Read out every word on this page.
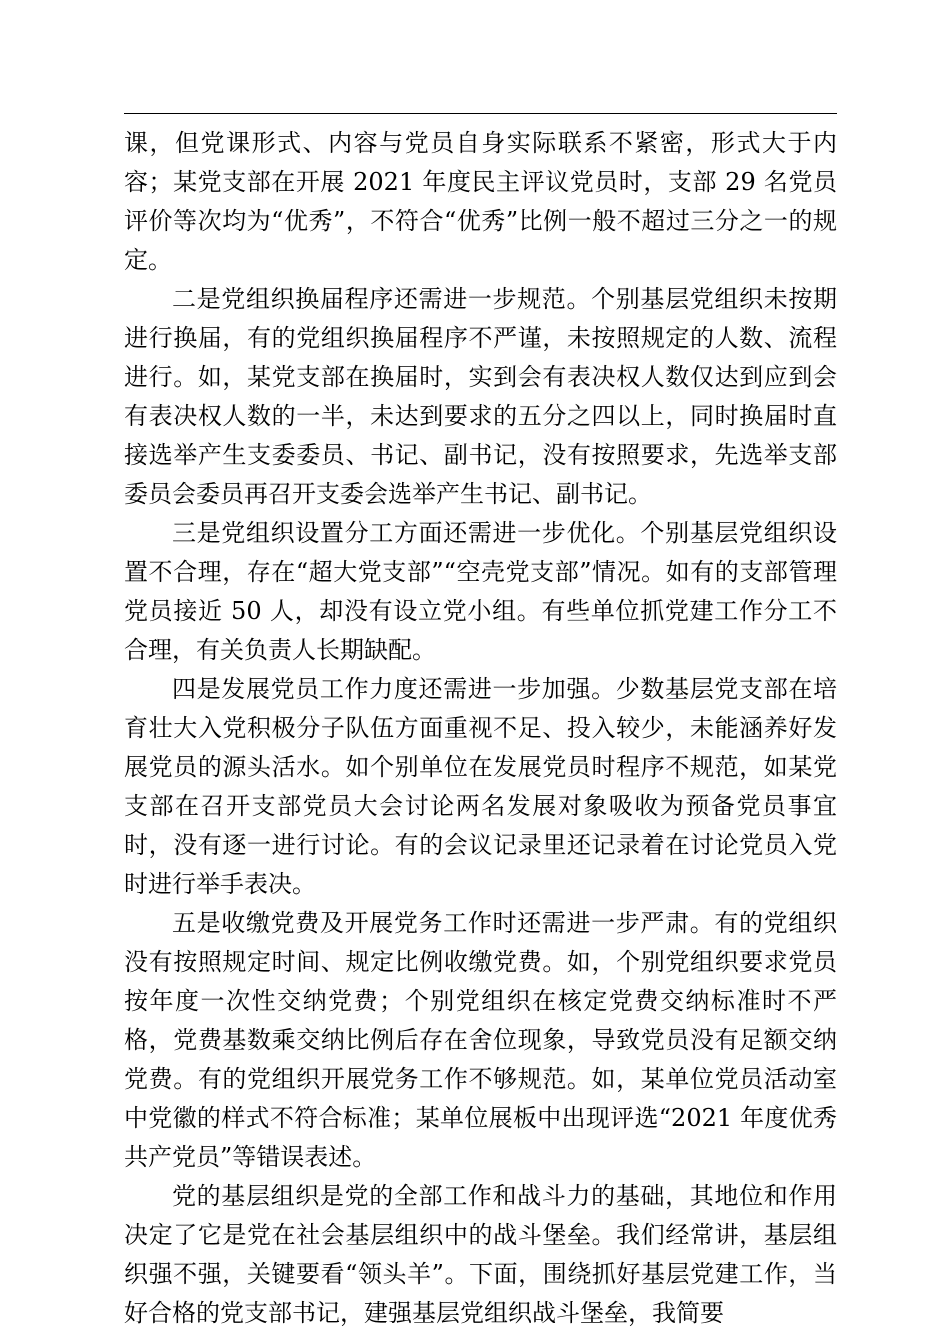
课，但党课形式、内容与党员自身实际联系不紧密，形式大于内容；某党支部在开展 2021 年度民主评议党员时，支部 29 名党员评价等次均为“优秀”，不符合“优秀”比例一般不超过三分之一的规定。

二是党组织换届程序还需进一步规范。个别基层党组织未按期进行换届，有的党组织换届程序不严谨，未按照规定的人数、流程进行。如，某党支部在换届时，实到会有表决权人数仅达到应到会有表决权人数的一半，未达到要求的五分之四以上，同时换届时直接选举产生支委委员、书记、副书记，没有按照要求，先选举支部委员会委员再召开支委会选举产生书记、副书记。

三是党组织设置分工方面还需进一步优化。个别基层党组织设置不合理，存在“超大党支部”“空壳党支部”情况。如有的支部管理党员接近 50 人，却没有设立党小组。有些单位抓党建工作分工不合理，有关负责人长期缺配。

四是发展党员工作力度还需进一步加强。少数基层党支部在培育壮大入党积极分子队伍方面重视不足、投入较少，未能涵养好发展党员的源头活水。如个别单位在发展党员时程序不规范，如某党支部在召开支部党员大会讨论两名发展对象吸收为预备党员事宜时，没有逐一进行讨论。有的会议记录里还记录着在讨论党员入党时进行举手表决。

五是收缴党费及开展党务工作时还需进一步严肃。有的党组织没有按照规定时间、规定比例收缴党费。如，个别党组织要求党员按年度一次性交纳党费；个别党组织在核定党费交纳标准时不严格，党费基数乘交纳比例后存在舍位现象，导致党员没有足额交纳党费。有的党组织开展党务工作不够规范。如，某单位党员活动室中党徽的样式不符合标准；某单位展板中出现评选“2021 年度优秀共产党员”等错误表述。

党的基层组织是党的全部工作和战斗力的基础，其地位和作用决定了它是党在社会基层组织中的战斗堡垒。我们经常讲，基层组织强不强，关键要看“领头羊”。下面，围绕抓好基层党建工作，当好合格的党支部书记，建强基层党组织战斗堡垒，我简要
